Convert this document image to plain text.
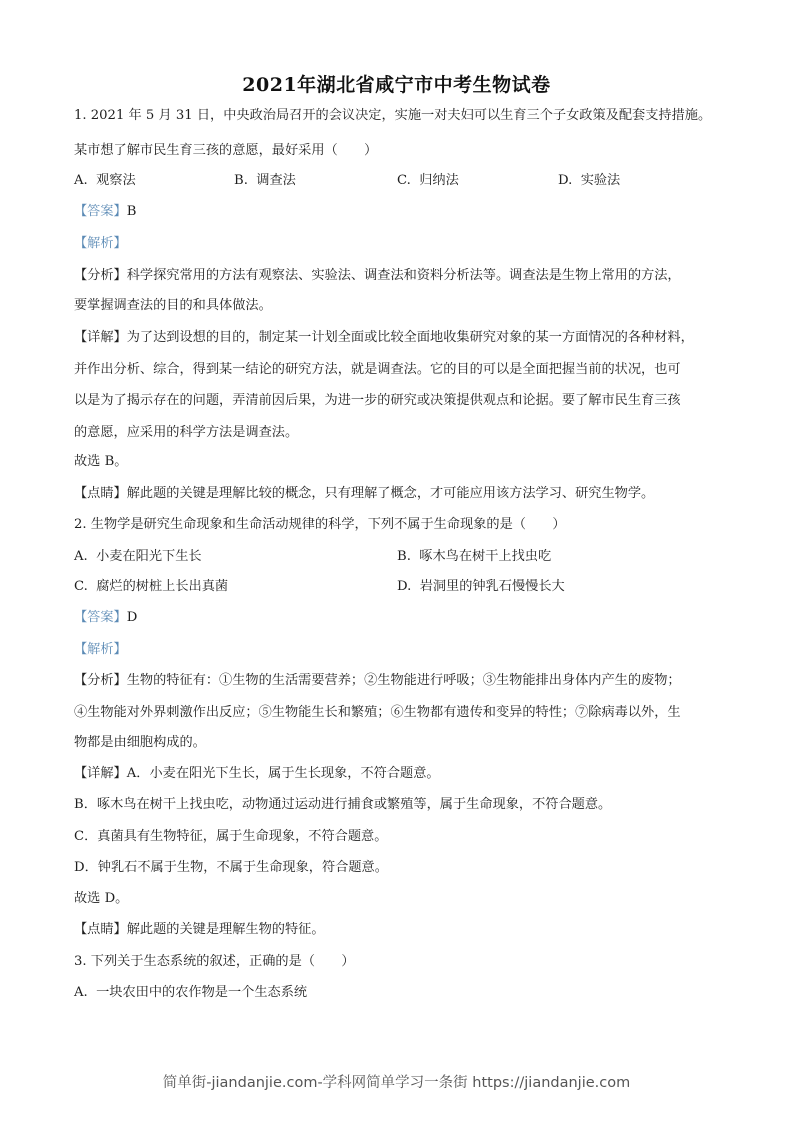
2021年湖北省咸宁市中考生物试卷
1. 2021 年 5 月 31 日，中央政治局召开的会议决定，实施一对夫妇可以生育三个子女政策及配套支持措施。
某市想了解市民生育三孩的意愿，最好采用（　　）
A. 观察法	B. 调查法	C. 归纳法	D. 实验法
【答案】B
【解析】
【分析】科学探究常用的方法有观察法、实验法、调查法和资料分析法等。调查法是生物上常用的方法，
要掌握调查法的目的和具体做法。
【详解】为了达到设想的目的，制定某一计划全面或比较全面地收集研究对象的某一方面情况的各种材料，
并作出分析、综合，得到某一结论的研究方法，就是调查法。它的目的可以是全面把握当前的状况，也可
以是为了揭示存在的问题，弄清前因后果，为进一步的研究或决策提供观点和论据。要了解市民生育三孩
的意愿，应采用的科学方法是调查法。
故选 B。
【点睛】解此题的关键是理解比较的概念，只有理解了概念，才可能应用该方法学习、研究生物学。
2. 生物学是研究生命现象和生命活动规律的科学，下列不属于生命现象的是（　　）
A. 小麦在阳光下生长	B. 啄木鸟在树干上找虫吃
C. 腐烂的树桩上长出真菌	D. 岩洞里的钟乳石慢慢长大
【答案】D
【解析】
【分析】生物的特征有：①生物的生活需要营养；②生物能进行呼吸；③生物能排出身体内产生的废物；
④生物能对外界刺激作出反应；⑤生物能生长和繁殖；⑥生物都有遗传和变异的特性；⑦除病毒以外，生
物都是由细胞构成的。
【详解】A．小麦在阳光下生长，属于生长现象，不符合题意。
B．啄木鸟在树干上找虫吃，动物通过运动进行捕食或繁殖等，属于生命现象，不符合题意。
C．真菌具有生物特征，属于生命现象，不符合题意。
D．钟乳石不属于生物，不属于生命现象，符合题意。
故选 D。
【点睛】解此题的关键是理解生物的特征。
3. 下列关于生态系统的叙述，正确的是（　　）
A. 一块农田中的农作物是一个生态系统
简单街-jiandanjie.com-学科网简单学习一条街 https://jiandanjie.com
